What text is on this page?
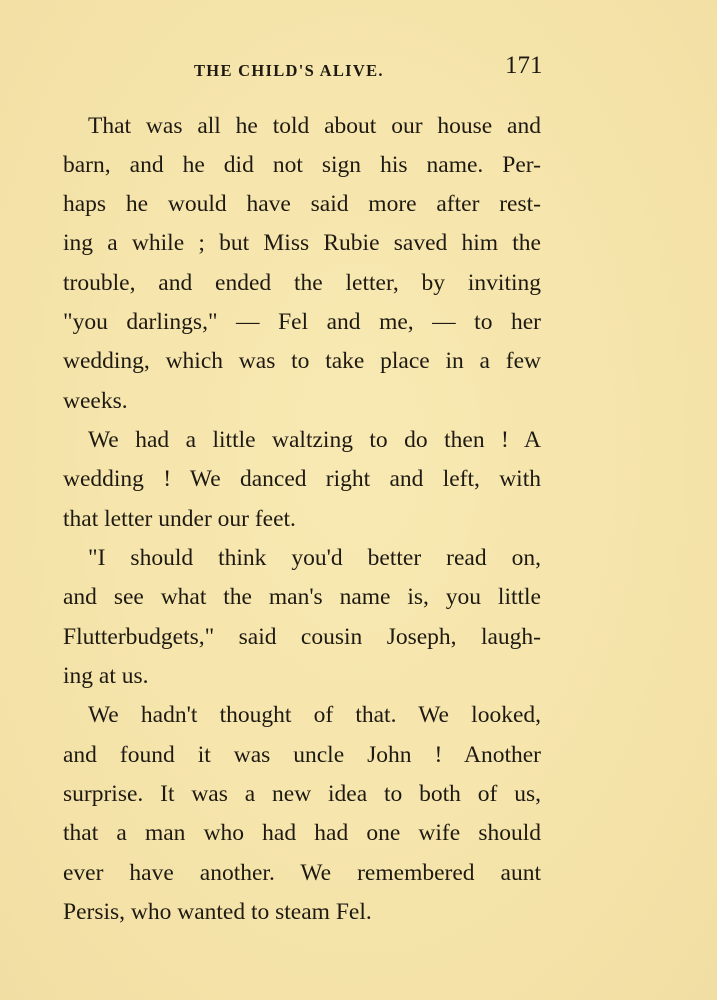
THE CHILD'S ALIVE.	171
That was all he told about our house and
barn, and he did not sign his name. Per-
haps he would have said more after rest-
ing a while ; but Miss Rubie saved him the
trouble, and ended the letter, by inviting
"you darlings," — Fel and me, — to her
wedding, which was to take place in a few
weeks.
We had a little waltzing to do then ! A
wedding ! We danced right and left, with
that letter under our feet.
"I should think you'd better read on,
and see what the man's name is, you little
Flutterbudgets," said cousin Joseph, laugh-
ing at us.
We hadn't thought of that. We looked,
and found it was uncle John ! Another
surprise. It was a new idea to both of us,
that a man who had had one wife should
ever have another. We remembered aunt
Persis, who wanted to steam Fel.
